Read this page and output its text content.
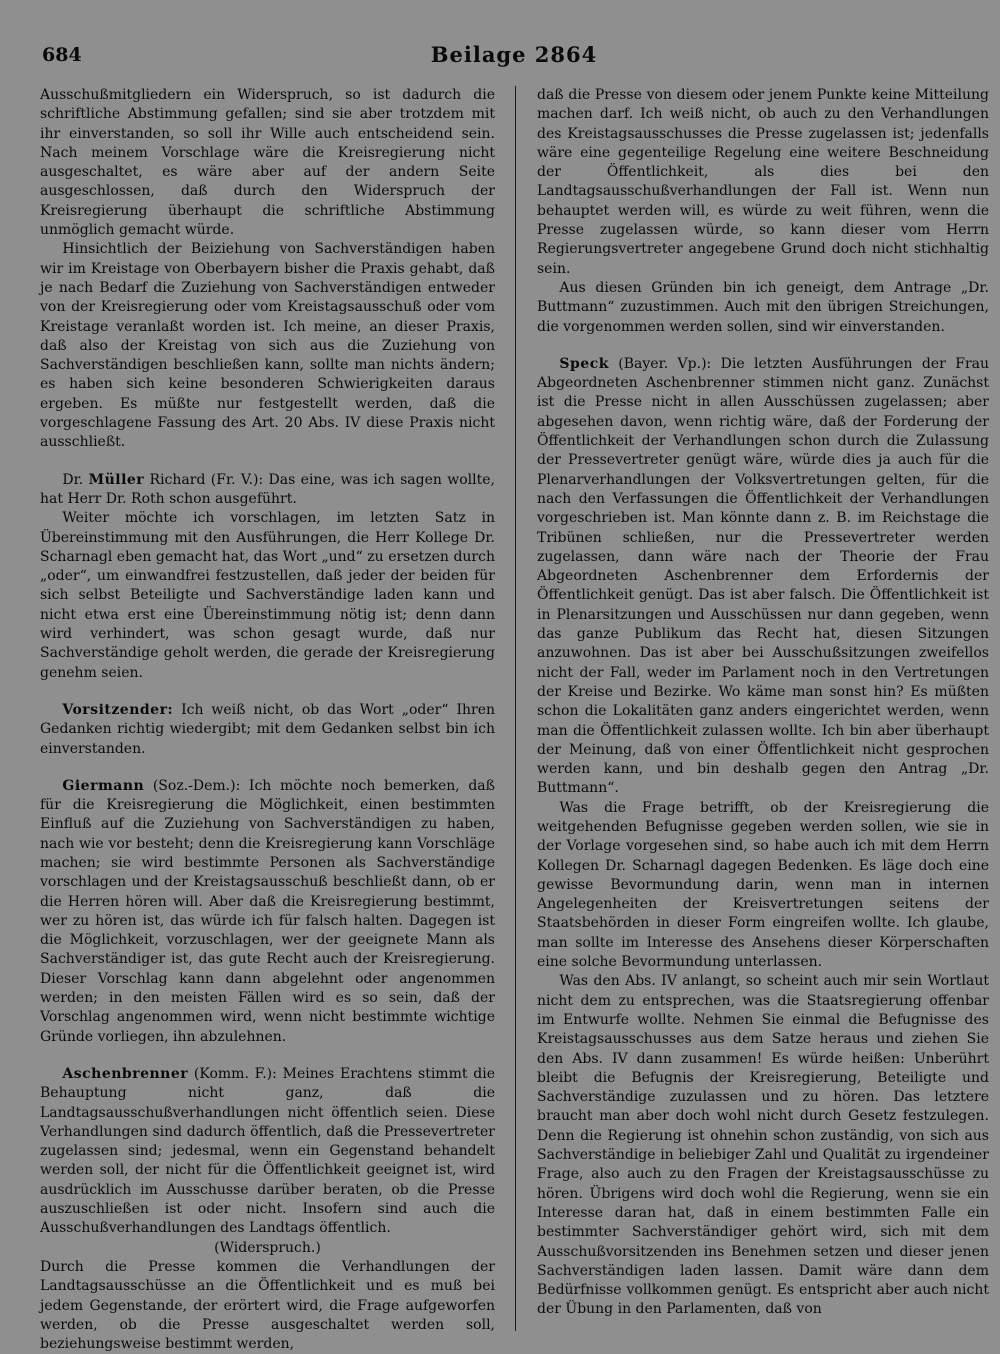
684	Beilage 2864

Ausschußmitgliedern ein Widerspruch, so ist dadurch die schriftliche Abstimmung gefallen; sind sie aber trotzdem mit ihr einverstanden, so soll ihr Wille auch entscheidend sein. Nach meinem Vorschlage wäre die Kreisregierung nicht ausgeschaltet, es wäre aber auf der andern Seite ausgeschlossen, daß durch den Widerspruch der Kreisregierung überhaupt die schriftliche Abstimmung unmöglich gemacht würde.

Hinsichtlich der Beiziehung von Sachverständigen haben wir im Kreistage von Oberbayern bisher die Praxis gehabt, daß je nach Bedarf die Zuziehung von Sachverständigen entweder von der Kreisregierung oder vom Kreistagsausschuß oder vom Kreistage veranlaßt worden ist. Ich meine, an dieser Praxis, daß also der Kreistag von sich aus die Zuziehung von Sachverständigen beschließen kann, sollte man nichts ändern; es haben sich keine besonderen Schwierigkeiten daraus ergeben. Es müßte nur festgestellt werden, daß die vorgeschlagene Fassung des Art. 20 Abs. IV diese Praxis nicht ausschließt.

Dr. Müller Richard (Fr. V.): Das eine, was ich sagen wollte, hat Herr Dr. Roth schon ausgeführt.

Weiter möchte ich vorschlagen, im letzten Satz in Übereinstimmung mit den Ausführungen, die Herr Kollege Dr. Scharnagl eben gemacht hat, das Wort „und“ zu ersetzen durch „oder“, um einwandfrei festzustellen, daß jeder der beiden für sich selbst Beteiligte und Sachverständige laden kann und nicht etwa erst eine Übereinstimmung nötig ist; denn dann wird verhindert, was schon gesagt wurde, daß nur Sachverständige geholt werden, die gerade der Kreisregierung genehm seien.

Vorsitzender: Ich weiß nicht, ob das Wort „oder“ Ihren Gedanken richtig wiedergibt; mit dem Gedanken selbst bin ich einverstanden.

Giermann (Soz.-Dem.): Ich möchte noch bemerken, daß für die Kreisregierung die Möglichkeit, einen bestimmten Einfluß auf die Zuziehung von Sachverständigen zu haben, nach wie vor besteht; denn die Kreisregierung kann Vorschläge machen; sie wird bestimmte Personen als Sachverständige vorschlagen und der Kreistagsausschuß beschließt dann, ob er die Herren hören will. Aber daß die Kreisregierung bestimmt, wer zu hören ist, das würde ich für falsch halten. Dagegen ist die Möglichkeit, vorzuschlagen, wer der geeignete Mann als Sachverständiger ist, das gute Recht auch der Kreisregierung. Dieser Vorschlag kann dann abgelehnt oder angenommen werden; in den meisten Fällen wird es so sein, daß der Vorschlag angenommen wird, wenn nicht bestimmte wichtige Gründe vorliegen, ihn abzulehnen.

Aschenbrenner (Komm. F.): Meines Erachtens stimmt die Behauptung nicht ganz, daß die Landtagsausschußverhandlungen nicht öffentlich seien. Diese Verhandlungen sind dadurch öffentlich, daß die Pressevertreter zugelassen sind; jedesmal, wenn ein Gegenstand behandelt werden soll, der nicht für die Öffentlichkeit geeignet ist, wird ausdrücklich im Ausschusse darüber beraten, ob die Presse auszuschließen ist oder nicht. Insofern sind auch die Ausschußverhandlungen des Landtags öffentlich.

(Widerspruch.)

Durch die Presse kommen die Verhandlungen der Landtagsausschüsse an die Öffentlichkeit und es muß bei jedem Gegenstande, der erörtert wird, die Frage aufgeworfen werden, ob die Presse ausgeschaltet werden soll, beziehungsweise bestimmt werden,

daß die Presse von diesem oder jenem Punkte keine Mitteilung machen darf. Ich weiß nicht, ob auch zu den Verhandlungen des Kreistagsausschusses die Presse zugelassen ist; jedenfalls wäre eine gegenteilige Regelung eine weitere Beschneidung der Öffentlichkeit, als dies bei den Landtagsausschußverhandlungen der Fall ist. Wenn nun behauptet werden will, es würde zu weit führen, wenn die Presse zugelassen würde, so kann dieser vom Herrn Regierungsvertreter angegebene Grund doch nicht stichhaltig sein.

Aus diesen Gründen bin ich geneigt, dem Antrage „Dr. Buttmann“ zuzustimmen. Auch mit den übrigen Streichungen, die vorgenommen werden sollen, sind wir einverstanden.

Speck (Bayer. Vp.): Die letzten Ausführungen der Frau Abgeordneten Aschenbrenner stimmen nicht ganz. Zunächst ist die Presse nicht in allen Ausschüssen zugelassen; aber abgesehen davon, wenn richtig wäre, daß der Forderung der Öffentlichkeit der Verhandlungen schon durch die Zulassung der Pressevertreter genügt wäre, würde dies ja auch für die Plenarverhandlungen der Volksvertretungen gelten, für die nach den Verfassungen die Öffentlichkeit der Verhandlungen vorgeschrieben ist. Man könnte dann z. B. im Reichstage die Tribünen schließen, nur die Pressevertreter werden zugelassen, dann wäre nach der Theorie der Frau Abgeordneten Aschenbrenner dem Erfordernis der Öffentlichkeit genügt. Das ist aber falsch. Die Öffentlichkeit ist in Plenarsitzungen und Ausschüssen nur dann gegeben, wenn das ganze Publikum das Recht hat, diesen Sitzungen anzuwohnen. Das ist aber bei Ausschußsitzungen zweifellos nicht der Fall, weder im Parlament noch in den Vertretungen der Kreise und Bezirke. Wo käme man sonst hin? Es müßten schon die Lokalitäten ganz anders eingerichtet werden, wenn man die Öffentlichkeit zulassen wollte. Ich bin aber überhaupt der Meinung, daß von einer Öffentlichkeit nicht gesprochen werden kann, und bin deshalb gegen den Antrag „Dr. Buttmann“.

Was die Frage betrifft, ob der Kreisregierung die weitgehenden Befugnisse gegeben werden sollen, wie sie in der Vorlage vorgesehen sind, so habe auch ich mit dem Herrn Kollegen Dr. Scharnagl dagegen Bedenken. Es läge doch eine gewisse Bevormundung darin, wenn man in internen Angelegenheiten der Kreisvertretungen seitens der Staatsbehörden in dieser Form eingreifen wollte. Ich glaube, man sollte im Interesse des Ansehens dieser Körperschaften eine solche Bevormundung unterlassen.

Was den Abs. IV anlangt, so scheint auch mir sein Wortlaut nicht dem zu entsprechen, was die Staatsregierung offenbar im Entwurfe wollte. Nehmen Sie einmal die Befugnisse des Kreistagsausschusses aus dem Satze heraus und ziehen Sie den Abs. IV dann zusammen! Es würde heißen: Unberührt bleibt die Befugnis der Kreisregierung, Beteiligte und Sachverständige zuzulassen und zu hören. Das letztere braucht man aber doch wohl nicht durch Gesetz festzulegen. Denn die Regierung ist ohnehin schon zuständig, von sich aus Sachverständige in beliebiger Zahl und Qualität zu irgendeiner Frage, also auch zu den Fragen der Kreistagsausschüsse zu hören. Übrigens wird doch wohl die Regierung, wenn sie ein Interesse daran hat, daß in einem bestimmten Falle ein bestimmter Sachverständiger gehört wird, sich mit dem Ausschußvorsitzenden ins Benehmen setzen und dieser jenen Sachverständigen laden lassen. Damit wäre dann dem Bedürfnisse vollkommen genügt. Es entspricht aber auch nicht der Übung in den Parlamenten, daß von
